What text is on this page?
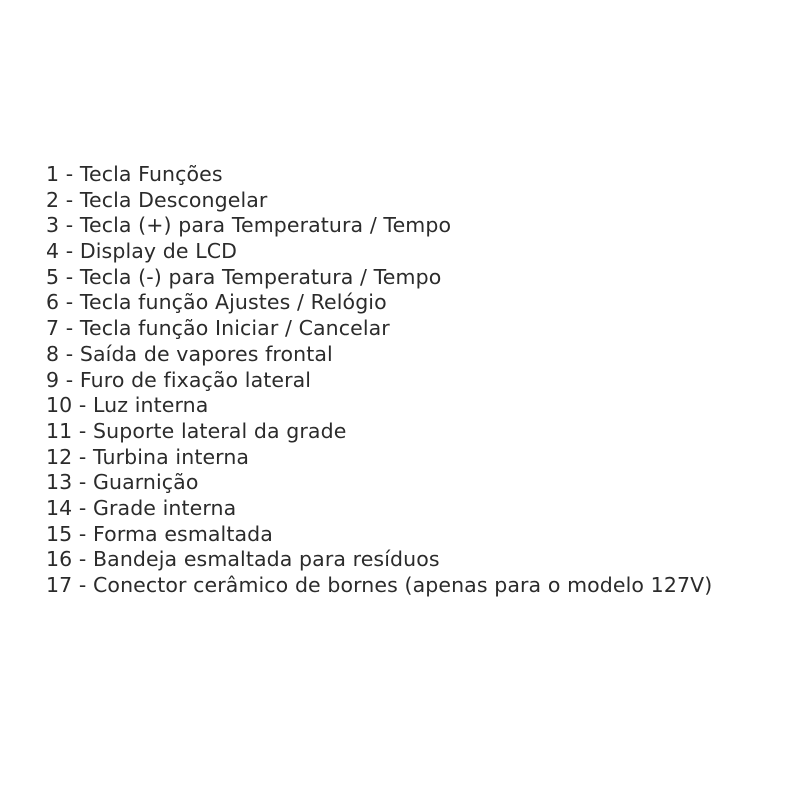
1 - Tecla Funções
2 - Tecla Descongelar
3 - Tecla (+) para Temperatura / Tempo
4 - Display de LCD
5 - Tecla (-) para Temperatura / Tempo
6 - Tecla função Ajustes / Relógio
7 - Tecla função Iniciar / Cancelar
8 - Saída de vapores frontal
9 - Furo de fixação lateral
10 - Luz interna
11 - Suporte lateral da grade
12 - Turbina interna
13 - Guarnição
14 - Grade interna
15 - Forma esmaltada
16 - Bandeja esmaltada para resíduos
17 - Conector cerâmico de bornes (apenas para o modelo 127V)
